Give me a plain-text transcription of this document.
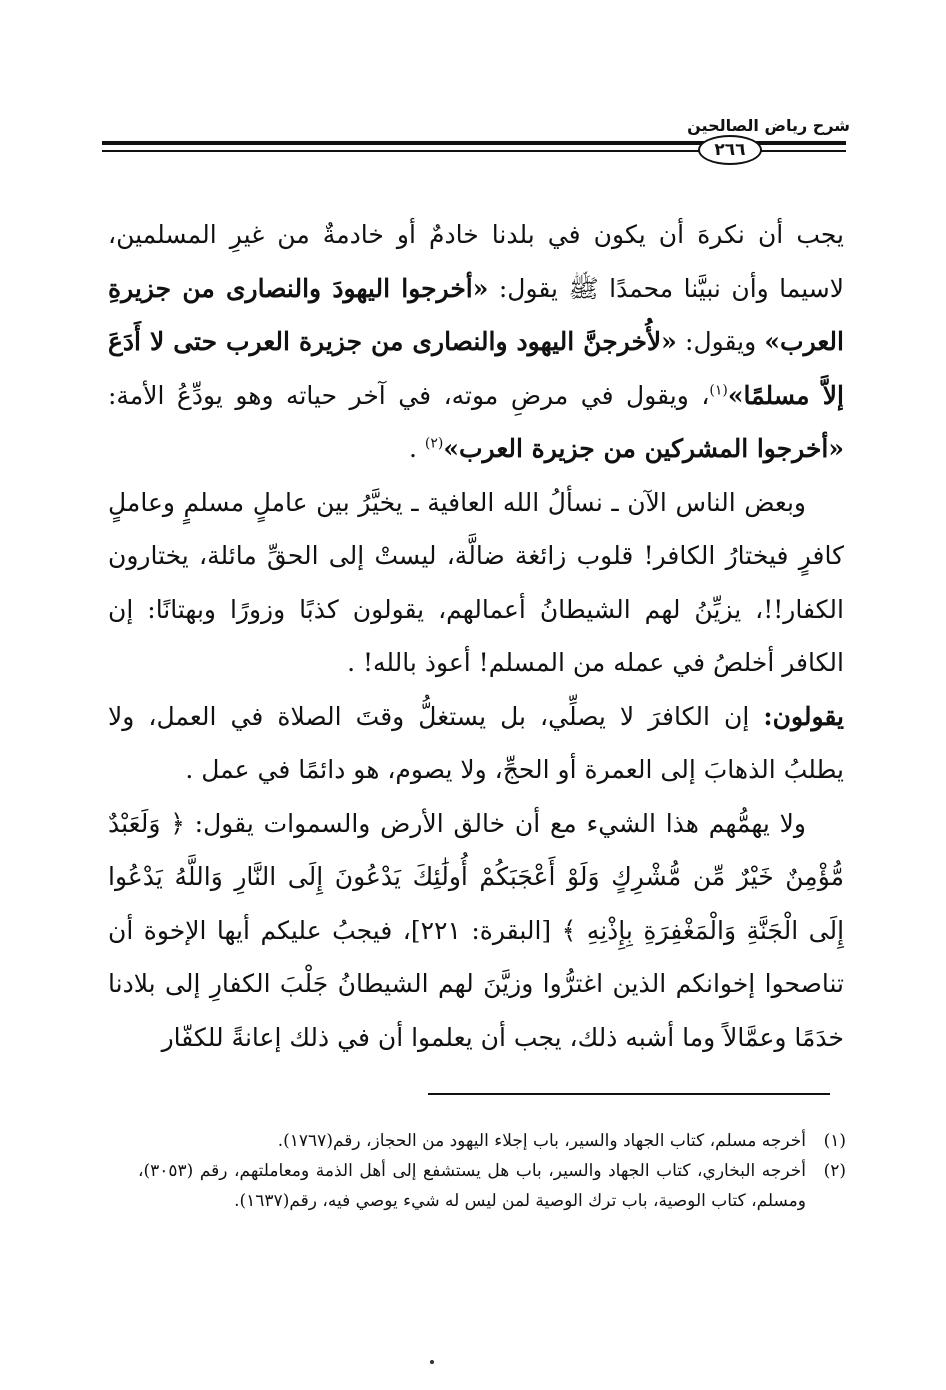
شرح رياض الصالحين
٢٦٦

يجب أن نكرهَ أن يكون في بلدنا خادمٌ أو خادمةٌ من غيرِ المسلمين، لاسيما وأن نبيَّنا محمدًا ﷺ يقول: «أخرجوا اليهودَ والنصارى من جزيرةِ العرب» ويقول: «لأُخرجنَّ اليهود والنصارى من جزيرة العرب حتى لا أَدَعَ إلاَّ مسلمًا»$^{(١)}$، ويقول في مرضِ موته، في آخر حياته وهو يودِّعُ الأمة: «أخرجوا المشركين من جزيرة العرب»$^{(٢)}$ .

وبعض الناس الآن ـ نسألُ الله العافية ـ يخيَّرُ بين عاملٍ مسلمٍ وعاملٍ كافرٍ فيختارُ الكافر! قلوب زائغة ضالَّة، ليستْ إلى الحقِّ مائلة، يختارون الكفار!!، يزيِّنُ لهم الشيطانُ أعمالهم، يقولون كذبًا وزورًا وبهتانًا: إن الكافر أخلصُ في عمله من المسلم! أعوذ بالله! .

يقولون: إن الكافرَ لا يصلِّي، بل يستغلُّ وقتَ الصلاة في العمل، ولا يطلبُ الذهابَ إلى العمرة أو الحجِّ، ولا يصوم، هو دائمًا في عمل .

ولا يهمُّهم هذا الشيء مع أن خالق الأرض والسموات يقول: ﴿ وَلَعَبْدٌ مُّؤْمِنٌ خَيْرٌ مِّن مُّشْرِكٍ وَلَوْ أَعْجَبَكُمْ أُولَٰئِكَ يَدْعُونَ إِلَى النَّارِ وَاللَّهُ يَدْعُوا إِلَى الْجَنَّةِ وَالْمَغْفِرَةِ بِإِذْنِهِ ﴾ [البقرة: ٢٢١]، فيجبُ عليكم أيها الإخوة أن تناصحوا إخوانكم الذين اغترُّوا وزيَّنَ لهم الشيطانُ جَلْبَ الكفارِ إلى بلادنا خدَمًا وعمَّالاً وما أشبه ذلك، يجب أن يعلموا أن في ذلك إعانةً للكفّار

(١)
أخرجه مسلم، كتاب الجهاد والسير، باب إجلاء اليهود من الحجاز، رقم(١٧٦٧).
(٢)
أخرجه البخاري، كتاب الجهاد والسير، باب هل يستشفع إلى أهل الذمة ومعاملتهم، رقم (٣٠٥٣)، ومسلم، كتاب الوصية، باب ترك الوصية لمن ليس له شيء يوصي فيه، رقم(١٦٣٧).
